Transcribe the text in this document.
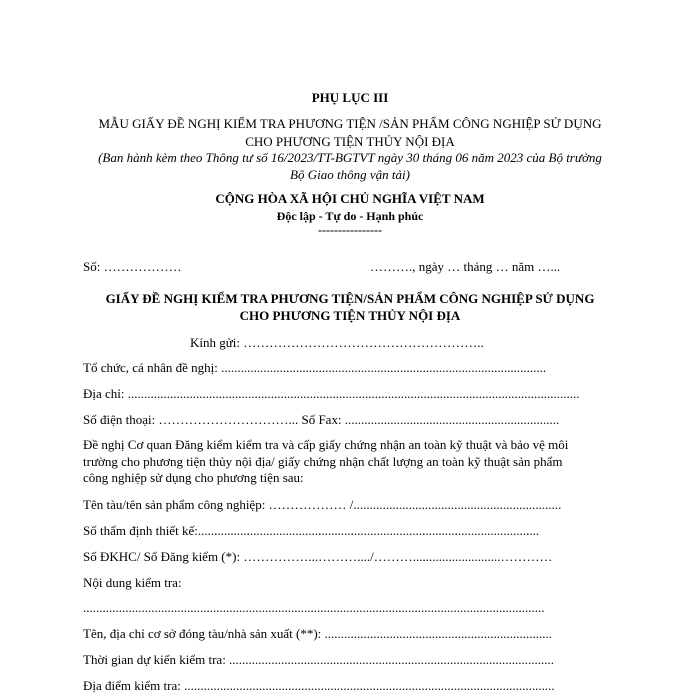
PHỤ LỤC III
MẪU GIẤY ĐỀ NGHỊ KIỂM TRA PHƯƠNG TIỆN /SẢN PHẨM CÔNG NGHIỆP SỬ DỤNG
CHO PHƯƠNG TIỆN THỦY NỘI ĐỊA
(Ban hành kèm theo Thông tư số 16/2023/TT-BGTVT ngày 30 tháng 06 năm 2023 của Bộ trưởng
Bộ Giao thông vận tải)
CỘNG HÒA XÃ HỘI CHỦ NGHĨA VIỆT NAM
Độc lập - Tự do - Hạnh phúc
----------------
Số: ………………	………., ngày … tháng … năm …...
GIẤY ĐỀ NGHỊ KIỂM TRA PHƯƠNG TIỆN/SẢN PHẨM CÔNG NGHIỆP SỬ DỤNG
CHO PHƯƠNG TIỆN THỦY NỘI ĐỊA
Kính gửi: ………………………………………………..
Tổ chức, cá nhân đề nghị: ....................................................................................................
Địa chỉ: ...........................................................................................................................................
Số điện thoại: …………………………... Số Fax: ..................................................................
Đề nghị Cơ quan Đăng kiểm kiểm tra và cấp giấy chứng nhận an toàn kỹ thuật và bảo vệ môi
trường cho phương tiện thủy nội địa/ giấy chứng nhận chất lượng an toàn kỹ thuật sản phẩm
công nghiệp sử dụng cho phương tiện sau:
Tên tàu/tên sản phẩm công nghiệp: ……………… /................................................................
Số thẩm định thiết kế:.........................................................................................................
Số ĐKHC/ Số Đăng kiểm (*): ……………...………..../………...........................…………
Nội dung kiểm tra:
..............................................................................................................................................
Tên, địa chỉ cơ sở đóng tàu/nhà sản xuất (**): ......................................................................
Thời gian dự kiến kiểm tra: ....................................................................................................
Địa điểm kiểm tra: ..................................................................................................................
